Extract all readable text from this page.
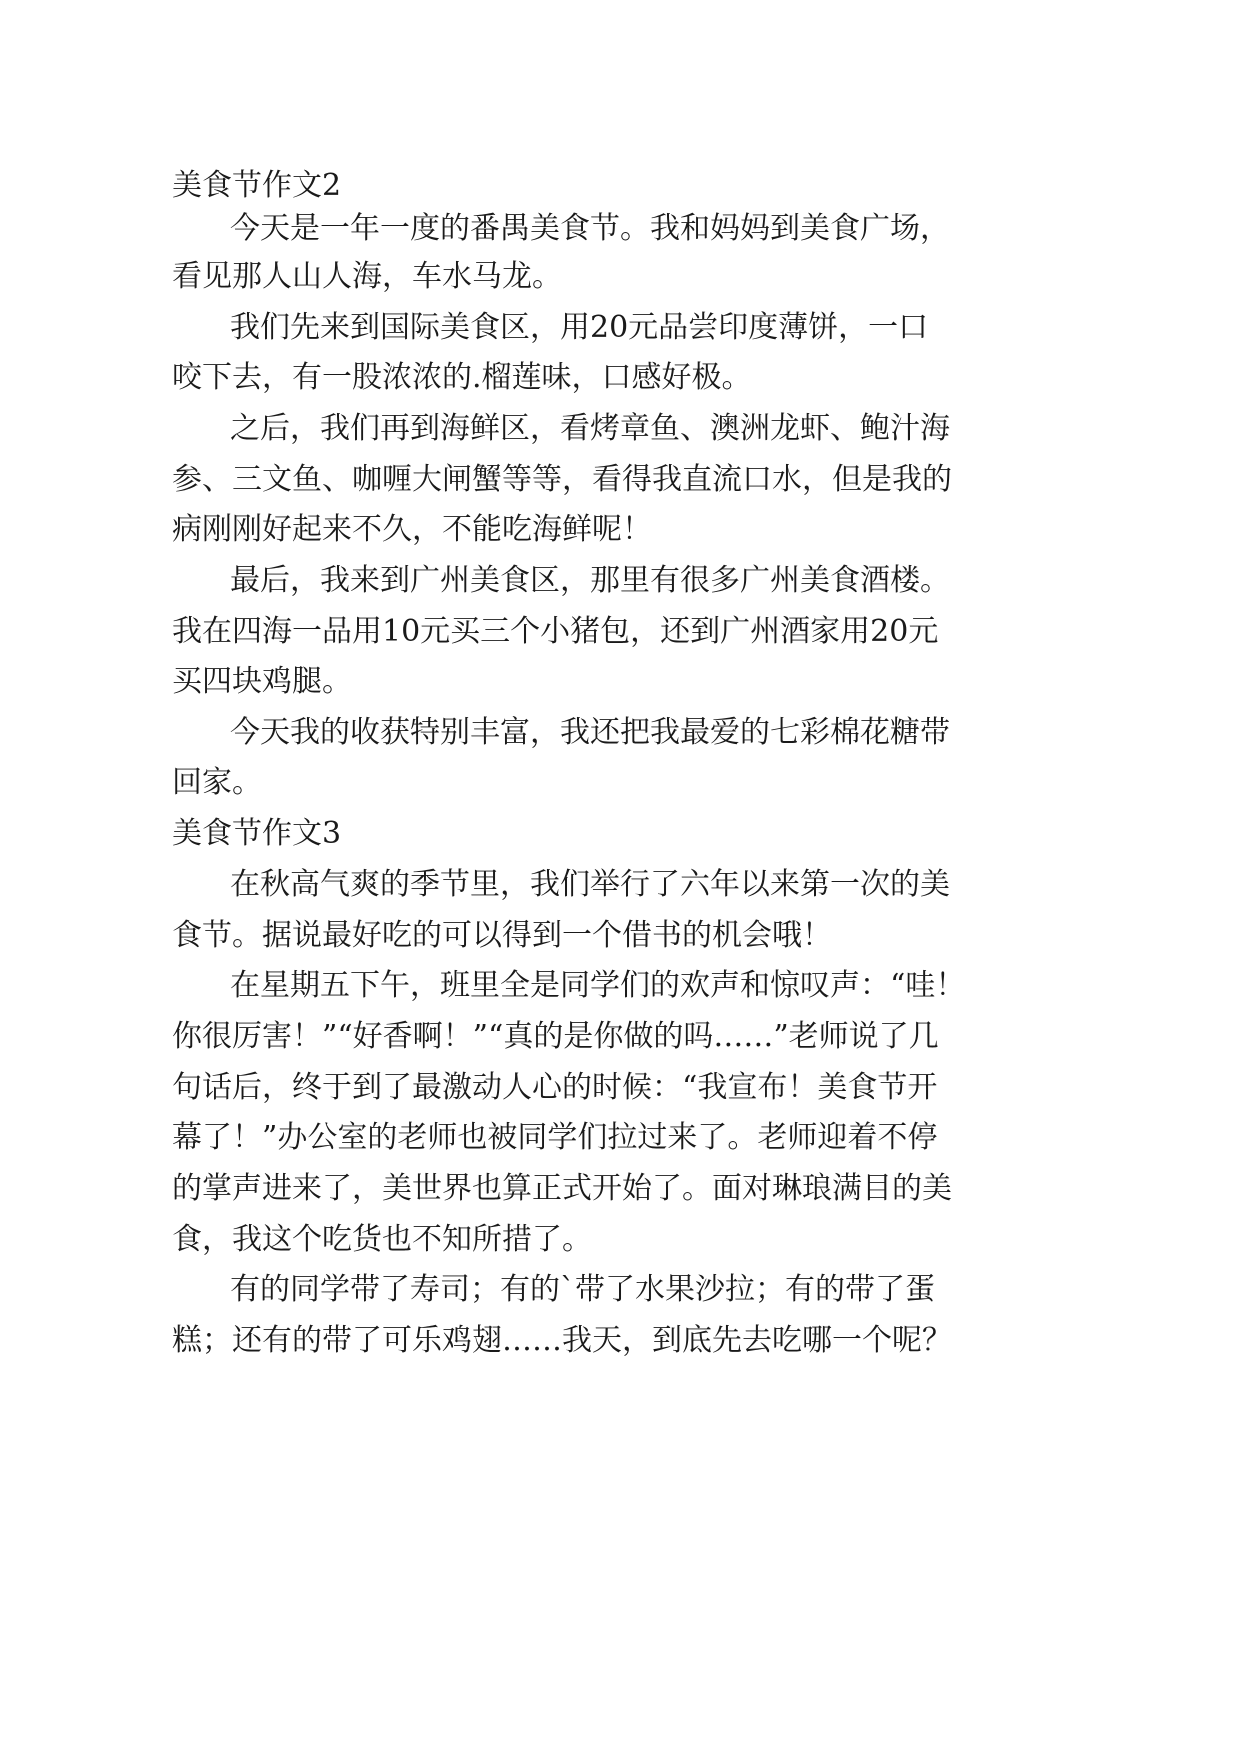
美食节作文2
今天是一年一度的番禺美食节。我和妈妈到美食广场，
看见那人山人海，车水马龙。
我们先来到国际美食区，用20元品尝印度薄饼，一口
咬下去，有一股浓浓的.榴莲味，口感好极。
之后，我们再到海鲜区，看烤章鱼、澳洲龙虾、鲍汁海
参、三文鱼、咖喱大闸蟹等等，看得我直流口水，但是我的
病刚刚好起来不久，不能吃海鲜呢！
最后，我来到广州美食区，那里有很多广州美食酒楼。
我在四海一品用10元买三个小猪包，还到广州酒家用20元
买四块鸡腿。
今天我的收获特别丰富，我还把我最爱的七彩棉花糖带
回家。
美食节作文3
在秋高气爽的季节里，我们举行了六年以来第一次的美
食节。据说最好吃的可以得到一个借书的机会哦！
在星期五下午，班里全是同学们的欢声和惊叹声：“哇！
你很厉害！”“好香啊！”“真的是你做的吗……”老师说了几
句话后，终于到了最激动人心的时候：“我宣布！美食节开
幕了！”办公室的老师也被同学们拉过来了。老师迎着不停
的掌声进来了，美世界也算正式开始了。面对琳琅满目的美
食，我这个吃货也不知所措了。
有的同学带了寿司；有的`带了水果沙拉；有的带了蛋
糕；还有的带了可乐鸡翅……我天，到底先去吃哪一个呢？
